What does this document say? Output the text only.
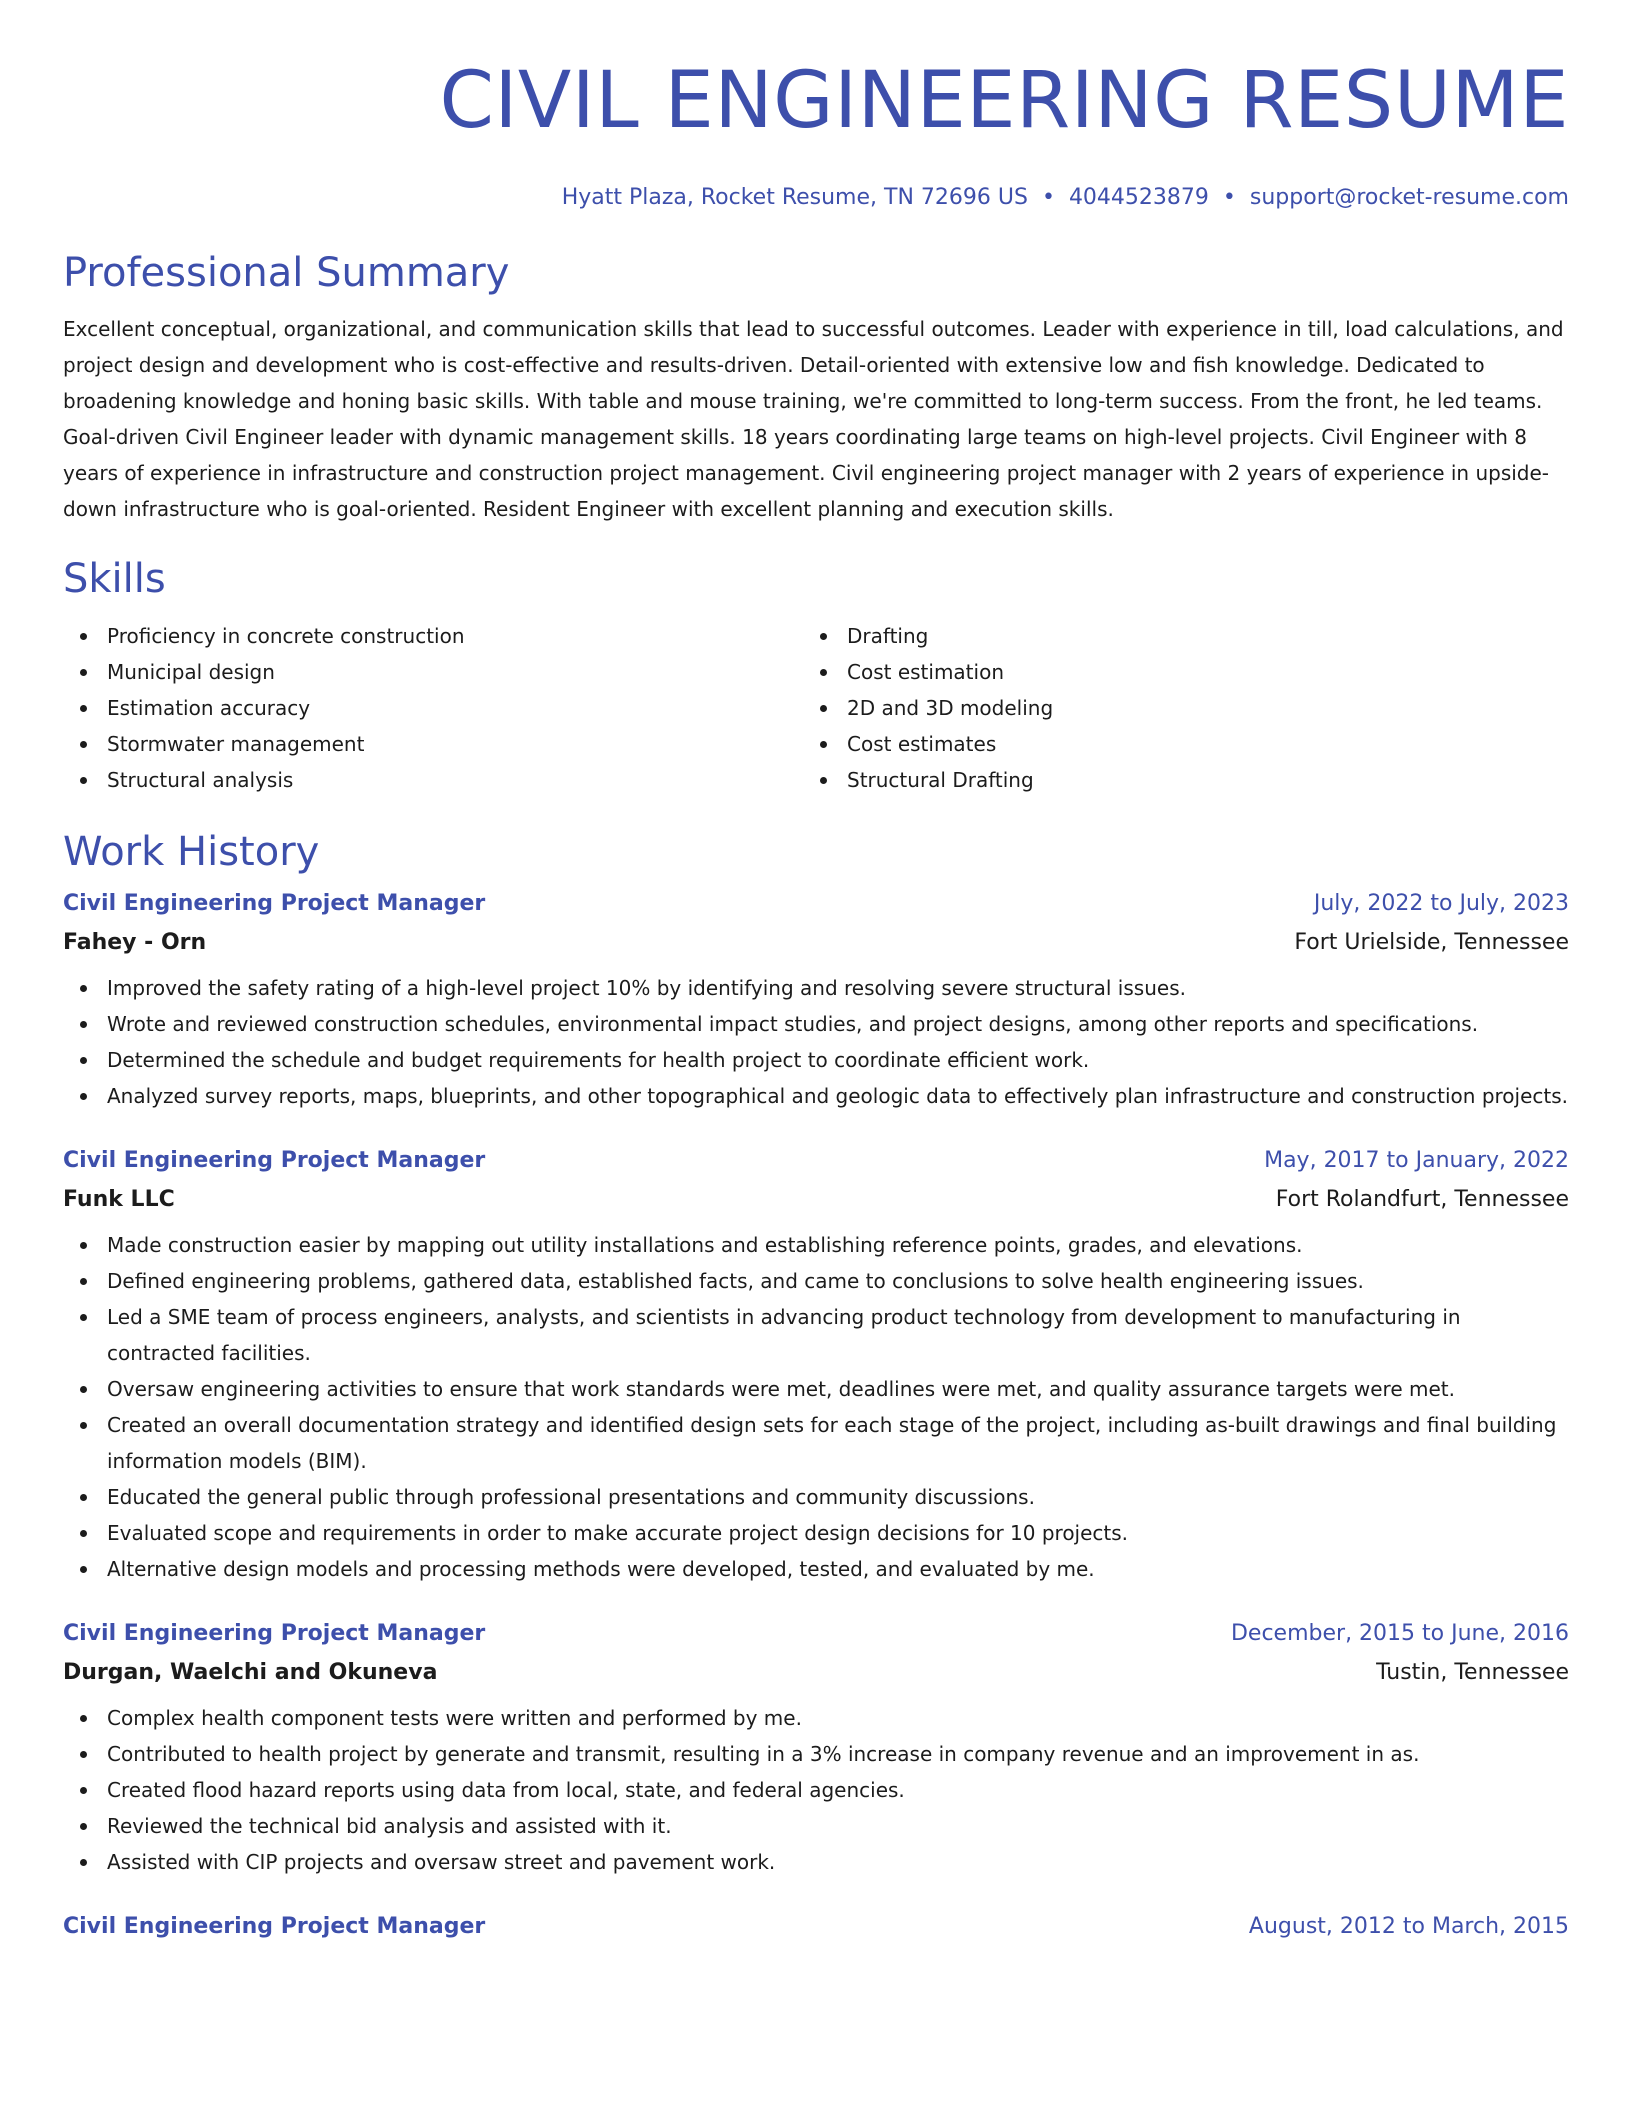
CIVIL ENGINEERING RESUME
Hyatt Plaza, Rocket Resume, TN 72696 US • 4044523879 • support@rocket-resume.com
Professional Summary
Excellent conceptual, organizational, and communication skills that lead to successful outcomes. Leader with experience in till, load calculations, and project design and development who is cost-effective and results-driven. Detail-oriented with extensive low and fish knowledge. Dedicated to broadening knowledge and honing basic skills. With table and mouse training, we're committed to long-term success. From the front, he led teams. Goal-driven Civil Engineer leader with dynamic management skills. 18 years coordinating large teams on high-level projects. Civil Engineer with 8 years of experience in infrastructure and construction project management. Civil engineering project manager with 2 years of experience in upside-down infrastructure who is goal-oriented. Resident Engineer with excellent planning and execution skills.
Skills
Proficiency in concrete construction
Municipal design
Estimation accuracy
Stormwater management
Structural analysis
Drafting
Cost estimation
2D and 3D modeling
Cost estimates
Structural Drafting
Work History
Civil Engineering Project Manager	July, 2022 to July, 2023
Fahey - Orn	Fort Urielside, Tennessee
Improved the safety rating of a high-level project 10% by identifying and resolving severe structural issues.
Wrote and reviewed construction schedules, environmental impact studies, and project designs, among other reports and specifications.
Determined the schedule and budget requirements for health project to coordinate efficient work.
Analyzed survey reports, maps, blueprints, and other topographical and geologic data to effectively plan infrastructure and construction projects.
Civil Engineering Project Manager	May, 2017 to January, 2022
Funk LLC	Fort Rolandfurt, Tennessee
Made construction easier by mapping out utility installations and establishing reference points, grades, and elevations.
Defined engineering problems, gathered data, established facts, and came to conclusions to solve health engineering issues.
Led a SME team of process engineers, analysts, and scientists in advancing product technology from development to manufacturing in contracted facilities.
Oversaw engineering activities to ensure that work standards were met, deadlines were met, and quality assurance targets were met.
Created an overall documentation strategy and identified design sets for each stage of the project, including as-built drawings and final building information models (BIM).
Educated the general public through professional presentations and community discussions.
Evaluated scope and requirements in order to make accurate project design decisions for 10 projects.
Alternative design models and processing methods were developed, tested, and evaluated by me.
Civil Engineering Project Manager	December, 2015 to June, 2016
Durgan, Waelchi and Okuneva	Tustin, Tennessee
Complex health component tests were written and performed by me.
Contributed to health project by generate and transmit, resulting in a 3% increase in company revenue and an improvement in as.
Created flood hazard reports using data from local, state, and federal agencies.
Reviewed the technical bid analysis and assisted with it.
Assisted with CIP projects and oversaw street and pavement work.
Civil Engineering Project Manager	August, 2012 to March, 2015
